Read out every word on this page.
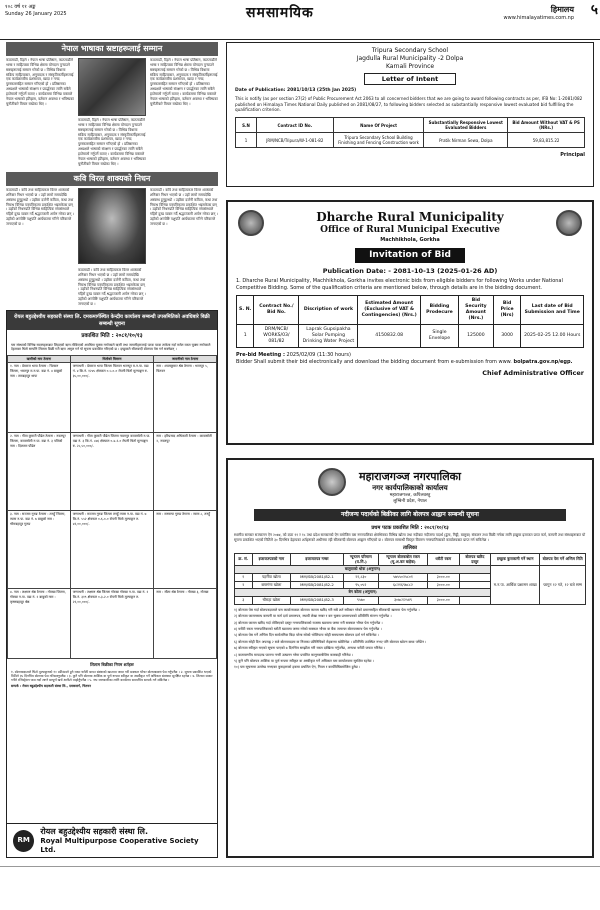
१०८ वर्ष ११ अङ्क
Sunday 26 January 2025	समसामयिक	हिमालय
www.himalayatimes.com.np
५
नेपाल भाषाका स्रष्टाहरूलाई सम्मान
काठमाडौं, दिइने । नेपाल भाषा प्रतिष्ठान, काठमाडौंले भाषा र साहित्यका विभिन्न क्षेत्रमा योगदान पुर्‍याउने स्रष्टाहरूलाई सम्मान गरेको छ । विभिन्न विधामा सक्रिय साहित्यकार, अनुवादक र संस्कृतिकर्मीहरूलाई एक कार्यक्रमबीच प्रशंसापत्र, खादा र नगद पुरस्कारसहित सम्मान गरिएको हो । प्रतिष्ठानका अध्यक्षले भाषाको संरक्षण र प्रवर्द्धनका लागि सबैले हातेमालो गर्नुपर्ने बताए । कार्यक्रममा विभिन्न वक्ताले नेपाल भाषाको इतिहास, वर्तमान अवस्था र भविष्यका चुनौतीबारे विचार राखेका थिए ।
काठमाडौं, दिइने । नेपाल भाषा प्रतिष्ठान, काठमाडौंले भाषा र साहित्यका विभिन्न क्षेत्रमा योगदान पुर्‍याउने स्रष्टाहरूलाई सम्मान गरेको छ । विभिन्न विधामा सक्रिय साहित्यकार, अनुवादक र संस्कृतिकर्मीहरूलाई एक कार्यक्रमबीच प्रशंसापत्र, खादा र नगद पुरस्कारसहित सम्मान गरिएको हो । प्रतिष्ठानका अध्यक्षले भाषाको संरक्षण र प्रवर्द्धनका लागि सबैले हातेमालो गर्नुपर्ने बताए । कार्यक्रममा विभिन्न वक्ताले नेपाल भाषाको इतिहास, वर्तमान अवस्था र भविष्यका चुनौतीबारे विचार राखेका थिए ।
काठमाडौं, दिइने । नेपाल भाषा प्रतिष्ठान, काठमाडौंले भाषा र साहित्यका विभिन्न क्षेत्रमा योगदान पुर्‍याउने स्रष्टाहरूलाई सम्मान गरेको छ । विभिन्न विधामा सक्रिय साहित्यकार, अनुवादक र संस्कृतिकर्मीहरूलाई एक कार्यक्रमबीच प्रशंसापत्र, खादा र नगद पुरस्कारसहित सम्मान गरिएको हो । प्रतिष्ठानका अध्यक्षले भाषाको संरक्षण र प्रवर्द्धनका लागि सबैले हातेमालो गर्नुपर्ने बताए । कार्यक्रममा विभिन्न वक्ताले नेपाल भाषाको इतिहास, वर्तमान अवस्था र भविष्यका चुनौतीबारे विचार राखेका थिए ।
कवि विरल शाक्यको निधन
काठमाडौं । कवि तथा साहित्यकार विरल शाक्यको शनिबार निधन भएको छ । उहाँ लामो समयदेखि अस्वस्थ हुनुहुन्थ्यो । उहाँका दर्जनौं कविता, कथा तथा निबन्ध विभिन्न पत्रपत्रिकामा प्रकाशित भइसकेका छन् । उहाँको निधनप्रति विभिन्न साहित्यिक संघसंस्थाले गहिरो दुःख व्यक्त गर्दै श्रद्धाञ्जली अर्पण गरेका छन् । उहाँको अन्त्येष्टि पशुपति आर्यघाटमा गरिने परिवारले जनाएको छ ।
काठमाडौं । कवि तथा साहित्यकार विरल शाक्यको शनिबार निधन भएको छ । उहाँ लामो समयदेखि अस्वस्थ हुनुहुन्थ्यो । उहाँका दर्जनौं कविता, कथा तथा निबन्ध विभिन्न पत्रपत्रिकामा प्रकाशित भइसकेका छन् । उहाँको निधनप्रति विभिन्न साहित्यिक संघसंस्थाले गहिरो दुःख व्यक्त गर्दै श्रद्धाञ्जली अर्पण गरेका छन् । उहाँको अन्त्येष्टि पशुपति आर्यघाटमा गरिने परिवारले जनाएको छ ।
काठमाडौं । कवि तथा साहित्यकार विरल शाक्यको शनिबार निधन भएको छ । उहाँ लामो समयदेखि अस्वस्थ हुनुहुन्थ्यो । उहाँका दर्जनौं कविता, कथा तथा निबन्ध विभिन्न पत्रपत्रिकामा प्रकाशित भइसकेका छन् । उहाँको निधनप्रति विभिन्न साहित्यिक संघसंस्थाले गहिरो दुःख व्यक्त गर्दै श्रद्धाञ्जली अर्पण गरेका छन् । उहाँको अन्त्येष्टि पशुपति आर्यघाटमा गरिने परिवारले जनाएको छ ।
रोयल बहुउद्देश्यीय सहकारी संस्था लि. दमकमार्गस्थित केन्द्रीय कार्यालय सम्बन्धी उपसमितिको अवधिबारे बिक्री सम्बन्धी सूचना
प्रकाशित मिति : २०८१/१०/१३
यस संस्थाको विभिन्न सदस्यहरूबाट लिइएको ऋण तोकिएको अवधिमा चुक्ता नगरेकाले ऋणी तथा जमानीहरूलाई पटक पटक ताकेता गर्दा समेत रकम चुक्ता नगरेकाले देहायका धितो सम्पत्ति लिलाम बिक्री गरी ऋण असुल गर्न यो सूचना प्रकाशित गरिएको छ । इच्छुकले सीलबन्दी बोलपत्र पेस गर्न सक्नेछन् ।
ऋणीको नाम ठेगाना	धितोको विवरण	जमानीको नाम ठेगाना
१. नाम : प्रेमराज थापा ठेगाना : चितवन जिल्ला, भरतपुर म.न.पा. वडा नं. ४ बाबुको नाम : रामबहादुर थापा	जग्गाधनी : प्रेमराज थापा जिल्ला चितवन भरतपुर म.न.पा. वडा नं. ४ कि.नं. १२४५ क्षेत्रफल ०-५-०-० रोपनी धितो मूल्याङ्कन रु. ३५,००,०००/-	नाम : श्यामकुमार श्रेष्ठ ठेगाना : भरतपुर ५, चितवन
२. नाम : गीता कुमारी पौडेल ठेगाना : नवलपुर जिल्ला, कावासोती न.पा. वडा नं. ३ पतिको नाम : दिलराम पौडेल	जग्गाधनी : गीता कुमारी पौडेल जिल्ला नवलपुर कावासोती न.पा. वडा नं. ३ कि.नं. ८७६ क्षेत्रफल ०-४-२-० रोपनी धितो मूल्याङ्कन रु. २८,५०,०००/-	नाम : हरिप्रसाद अधिकारी ठेगाना : कावासोती २, नवलपुर
३. नाम : सञ्जय गुरुङ ठेगाना : तनहुँ जिल्ला, व्यास न.पा. वडा नं. ७ बाबुको नाम : भीमबहादुर गुरुङ	जग्गाधनी : सञ्जय गुरुङ जिल्ला तनहुँ व्यास न.पा. वडा नं. ७ कि.नं. ५५२ क्षेत्रफल ०-६-०-० रोपनी धितो मूल्याङ्कन रु. ४२,००,०००/-	नाम : मनमाया गुरुङ ठेगाना : व्यास ८, तनहुँ
४. नाम : लक्ष्मण श्रेष्ठ ठेगाना : गोरखा जिल्ला, गोरखा न.पा. वडा नं. २ बाबुको नाम : कृष्णबहादुर श्रेष्ठ	जग्गाधनी : लक्ष्मण श्रेष्ठ जिल्ला गोरखा गोरखा न.पा. वडा नं. २ कि.नं. ३१९ क्षेत्रफल ०-३-२-० रोपनी धितो मूल्याङ्कन रु. २२,००,०००/-	नाम : सीता श्रेष्ठ ठेगाना : गोरखा ३, गोरखा
लिलाम बिक्रीका नियम शर्तहरू
१. बोलपत्रदाताले धितो मूल्याङ्कनको १० प्रतिशतले हुने रकम धरौटी बापत संस्थाको खातामा जम्मा गरी सक्कल भौचर बोलपत्रसाथ पेस गर्नुपर्नेछ । २. सूचना प्रकाशित भएको मितिले ३५ दिनभित्र बोलपत्र पेस गरिसक्नुपर्नेछ । ३. कुनै पनि बोलपत्र आंशिक वा पूर्ण रूपमा स्वीकृत वा अस्वीकृत गर्ने अधिकार संस्थामा सुरक्षित रहनेछ । ४. लिलाम सकार गर्नेले रजिस्ट्रेशन पास गर्दा लाग्ने सम्पूर्ण खर्च आफैंले व्यहोर्नुपर्नेछ । ५. थप जानकारीका लागि कार्यालय समयभित्र सम्पर्क गर्न सकिनेछ ।
सम्पर्क : रोयल बहुउद्देश्यीय सहकारी संस्था लि., दमकमार्ग, चितवन
RM
रोयल बहुउद्देश्यीय सहकारी संस्था लि.
Royal Multipurpose Cooperative Society Ltd.
Tripura Secondary School
Jagdulla Rural Municipality -2 Dolpa
Karnali Province
Letter of Intent
Date of Publication: 2081/10/13 (25th Jan 2025)
This is notify (as per section 27(2) of Public Procurement Act 2063 to all concerned bidders that we are going to award following contracts as per, IFB No: 1-2081/082 published on Himalaya Times National Daily published on 2081/08/27, to following bidders selected as substantially responsive lowest evaluated bid fulfilling the qualification criterion.
S.N	Contract ID No.	Name Of Project	Substantially Responsive Lowest Evaluated Bidders	Bid Amount Without VAT & PS (NRs.)
1	JRM/NCB/Tripura/W-1-081-82	Tripura Secondary School Building Finishing and Fencing Construction work	Pratik Nirman Sewa, Dolpa	59,83,815.22
Principal
Dharche Rural Municipality
Office of Rural Municipal Executive
Machhikhola, Gorkha
Invitation of Bid
Publication Date: - 2081-10-13 (2025-01-26 AD)
1. Dharche Rural Municipality, Machhikhola, Gorkha invites electronic bids from eligible bidders for following Works under National Competitive Bidding. Some of the qualification criteria are mentioned below, through details are in the bidding document.
S. N.	Contract No./ Bid No.	Discription of work	Estimated Amount (Exclusive of VAT & Contingencies) (Nrs.)	Bidding Prodecure	Bid Security Amount (Nrs.)	Bid Price (Nrs)	Last date of Bid Submission and Time
1	DRM/NCB/ WORKS/03/ 081/82	Laprak Gupsipakha Solar Pumping Drinking Water Project	4150832.08	Single Envelope	125000	3000	2025-02-25 12.00 Hours
Pre-bid Meeting : 2025/02/09 (11:30 hours)
Bidder Shall submit their bid electronically and download the bidding document from e-submission from www. bolpatra.gov.np/egp.
Chief Administrative Officer
महाराजगञ्ज नगरपालिका
नगर कार्यपालिकाको कार्यालय
महाराजगञ्ज, कपिलवस्तु
लुम्बिनी प्रदेश, नेपाल
नदीजन्य पदार्थको बिक्रीका लागि बोलपत्र आह्वान सम्बन्धी सूचना
प्रथम पटक प्रकाशित मिति : २०८१/१०/१३
स्थानीय सरकार सञ्चालन ऐन २०७४, को दफा ११ र १८ तथा प्रदेश सरकारको ऐन बमोजिम यस नगरपालिका क्षेत्रभित्रका विभिन्न खोला तथा नदीबाट नदीजन्य पदार्थ (ढुंगा, गिट्टी, बालुवा) संकलन तथा बिक्री गर्नका लागि इच्छुक इजाजत प्राप्त फर्म, कम्पनी तथा संस्थाहरूबाट यो सूचना प्रकाशित भएको मितिले ३० दिनभित्र देहायका शर्तहरूको अधीनमा रही सीलबन्दी बोलपत्र आह्वान गरिएको छ । बोलपत्र सम्बन्धी विस्तृत विवरण नगरपालिकाको कार्यालयबाट प्राप्त गर्न सकिनेछ ।
तालिका
क्र. सं.	इजाजतपत्रको नाम	इजाजतपत्र नम्बर	न्यूनतम परिमाण (घ.मि.)	न्यूनतम बोलकबोल रकम (मू.अ.कर बाहेक)	धरौटी रकम	बोलपत्र खरिद दस्तुर	इच्छुक कुराकानी गर्ने स्थान	बोलपत्र पेस गर्ने अन्तिम मिति
बालुवाको थोक (अनुमान)							म.न.पा. आर्थिक प्रशासन शाखा	फागुन १२ गते, १२ बजे सम्म
१	पहर्रीया खोला	MM/SB/2081/82-1	२१,८३०	५७५५०२५८०१	३०००.००			
२	बाणगंगा खोला	MM/SB/2081/82-2	९५,०५२	६८२१६९७८८२	३०००.००			
बेन कोला (अनुमान)								
३	चौराहा खोला	MM/SB/2081/82-3	९५७०	३०७८१२५४९	३०००.००			

१) बोलपत्र पेस गर्दा बोलपत्रदाताले यस कार्यालयबाट बोलपत्र फाराम खरिद गरी सबै शर्त स्वीकार गरेको प्रमाणसहित सीलबन्दी खाममा पेस गर्नुपर्नेछ ।

२) बोलपत्र फारामसाथ कम्पनी वा फर्म दर्ता प्रमाणपत्र, स्थायी लेखा नम्बर र कर चुक्ता प्रमाणपत्रको प्रतिलिपि संलग्न गर्नुपर्नेछ ।

३) बोलपत्र फाराम खरिद गर्दा तोकिएको दस्तुर नगरपालिकाको राजस्व खातामा जम्मा गरी सक्कल भौचर पेस गर्नुपर्नेछ ।

४) धरौटी रकम नगरपालिकाको धरौटी खातामा जम्मा गरेको सक्कल भौचर वा बैंक जमानत बोलपत्रसाथ पेस गर्नुपर्नेछ ।

५) बोलपत्र पेस गर्ने अन्तिम दिन सार्वजनिक बिदा परेमा सोको भोलिपल्ट सोही समयसम्म बोलपत्र दर्ता गर्न सकिनेछ ।

६) बोलपत्र सोही दिन अपराह्न २ बजे बोलपत्रदाता वा निजका प्रतिनिधिको रोहबरमा खोलिनेछ । प्रतिनिधि उपस्थित नभए पनि बोलपत्र खोल्न बाधा पर्नेछैन ।

७) बोलपत्र स्वीकृत भएको सूचना पाएको ७ दिनभित्र सम्झौता गरी रकम दाखिला गर्नुपर्नेछ, अन्यथा धरौटी जफत गरिनेछ ।

८) वातावरणीय मापदण्ड पालना नगरी उत्खनन गरेमा प्रचलित कानुनबमोजिम कारबाही गरिनेछ ।

९) कुनै पनि बोलपत्र आंशिक वा पूर्ण रूपमा स्वीकृत वा अस्वीकृत गर्ने अधिकार यस कार्यालयमा सुरक्षित रहनेछ ।

१०) यस सूचनामा उल्लेख नभएका कुराहरूको हकमा प्रचलित ऐन, नियम र कार्यविधिबमोजिम हुनेछ ।
